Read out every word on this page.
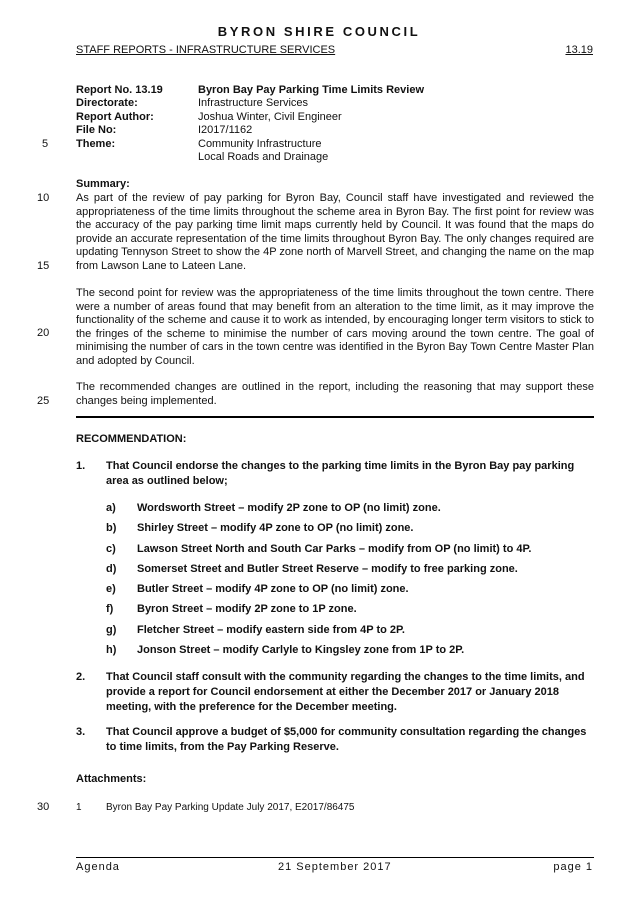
BYRON SHIRE COUNCIL
STAFF REPORTS - INFRASTRUCTURE SERVICES	13.19
Report No. 13.19	Byron Bay Pay Parking Time Limits Review
Directorate:	Infrastructure Services
Report Author:	Joshua Winter, Civil Engineer
File No:	I2017/1162
Theme:	Community Infrastructure
Local Roads and Drainage
5
10
15
20
25
30
Summary:
As part of the review of pay parking for Byron Bay, Council staff have investigated and reviewed the appropriateness of the time limits throughout the scheme area in Byron Bay. The first point for review was the accuracy of the pay parking time limit maps currently held by Council. It was found that the maps do provide an accurate representation of the time limits throughout Byron Bay. The only changes required are updating Tennyson Street to show the 4P zone north of Marvell Street, and changing the name on the map from Lawson Lane to Lateen Lane.
The second point for review was the appropriateness of the time limits throughout the town centre. There were a number of areas found that may benefit from an alteration to the time limit, as it may improve the functionality of the scheme and cause it to work as intended, by encouraging longer term visitors to stick to the fringes of the scheme to minimise the number of cars moving around the town centre. The goal of minimising the number of cars in the town centre was identified in the Byron Bay Town Centre Master Plan and adopted by Council.
The recommended changes are outlined in the report, including the reasoning that may support these changes being implemented.
RECOMMENDATION:
1. That Council endorse the changes to the parking time limits in the Byron Bay pay parking area as outlined below;
a) Wordsworth Street – modify 2P zone to OP (no limit) zone.
b) Shirley Street – modify 4P zone to OP (no limit) zone.
c) Lawson Street North and South Car Parks – modify from OP (no limit) to 4P.
d) Somerset Street and Butler Street Reserve – modify to free parking zone.
e) Butler Street – modify 4P zone to OP (no limit) zone.
f) Byron Street – modify 2P zone to 1P zone.
g) Fletcher Street – modify eastern side from 4P to 2P.
h) Jonson Street – modify Carlyle to Kingsley zone from 1P to 2P.
2. That Council staff consult with the community regarding the changes to the time limits, and provide a report for Council endorsement at either the December 2017 or January 2018 meeting, with the preference for the December meeting.
3. That Council approve a budget of $5,000 for community consultation regarding the changes to time limits, from the Pay Parking Reserve.
Attachments:
1 Byron Bay Pay Parking Update July 2017, E2017/86475
Agenda	21 September 2017	page 1
